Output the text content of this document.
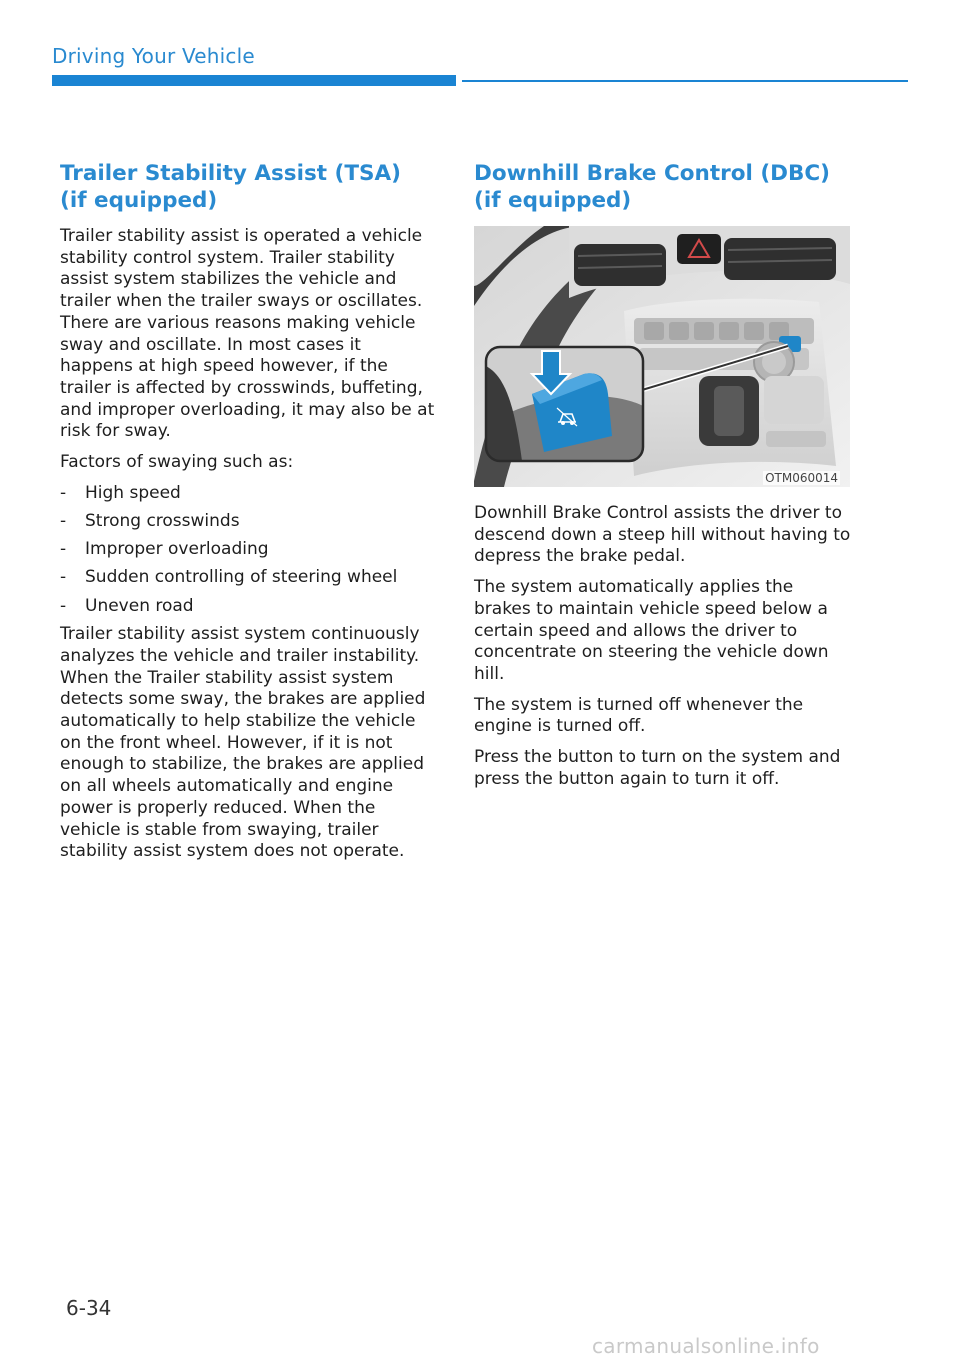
Driving Your Vehicle
Trailer Stability Assist (TSA)
(if equipped)

Trailer stability assist is operated a vehicle stability control system. Trailer stability assist system stabilizes the vehicle and trailer when the trailer sways or oscillates. There are various reasons making vehicle sway and oscillate. In most cases it happens at high speed however, if the trailer is affected by crosswinds, buffeting, and improper overloading, it may also be at risk for sway.

Factors of swaying such as:

- High speed
- Strong crosswinds
- Improper overloading
- Sudden controlling of steering wheel
- Uneven road

Trailer stability assist system continuously analyzes the vehicle and trailer instability. When the Trailer stability assist system detects some sway, the brakes are applied automatically to help stabilize the vehicle on the front wheel. However, if it is not enough to stabilize, the brakes are applied on all wheels automatically and engine power is properly reduced. When the vehicle is stable from swaying, trailer stability assist system does not operate.

Downhill Brake Control (DBC)
(if equipped)
OTM060014

Downhill Brake Control assists the driver to descend down a steep hill without having to depress the brake pedal.

The system automatically applies the brakes to maintain vehicle speed below a certain speed and allows the driver to concentrate on steering the vehicle down hill.

The system is turned off whenever the engine is turned off.

Press the button to turn on the system and press the button again to turn it off.

6-34
carmanualsonline.info
